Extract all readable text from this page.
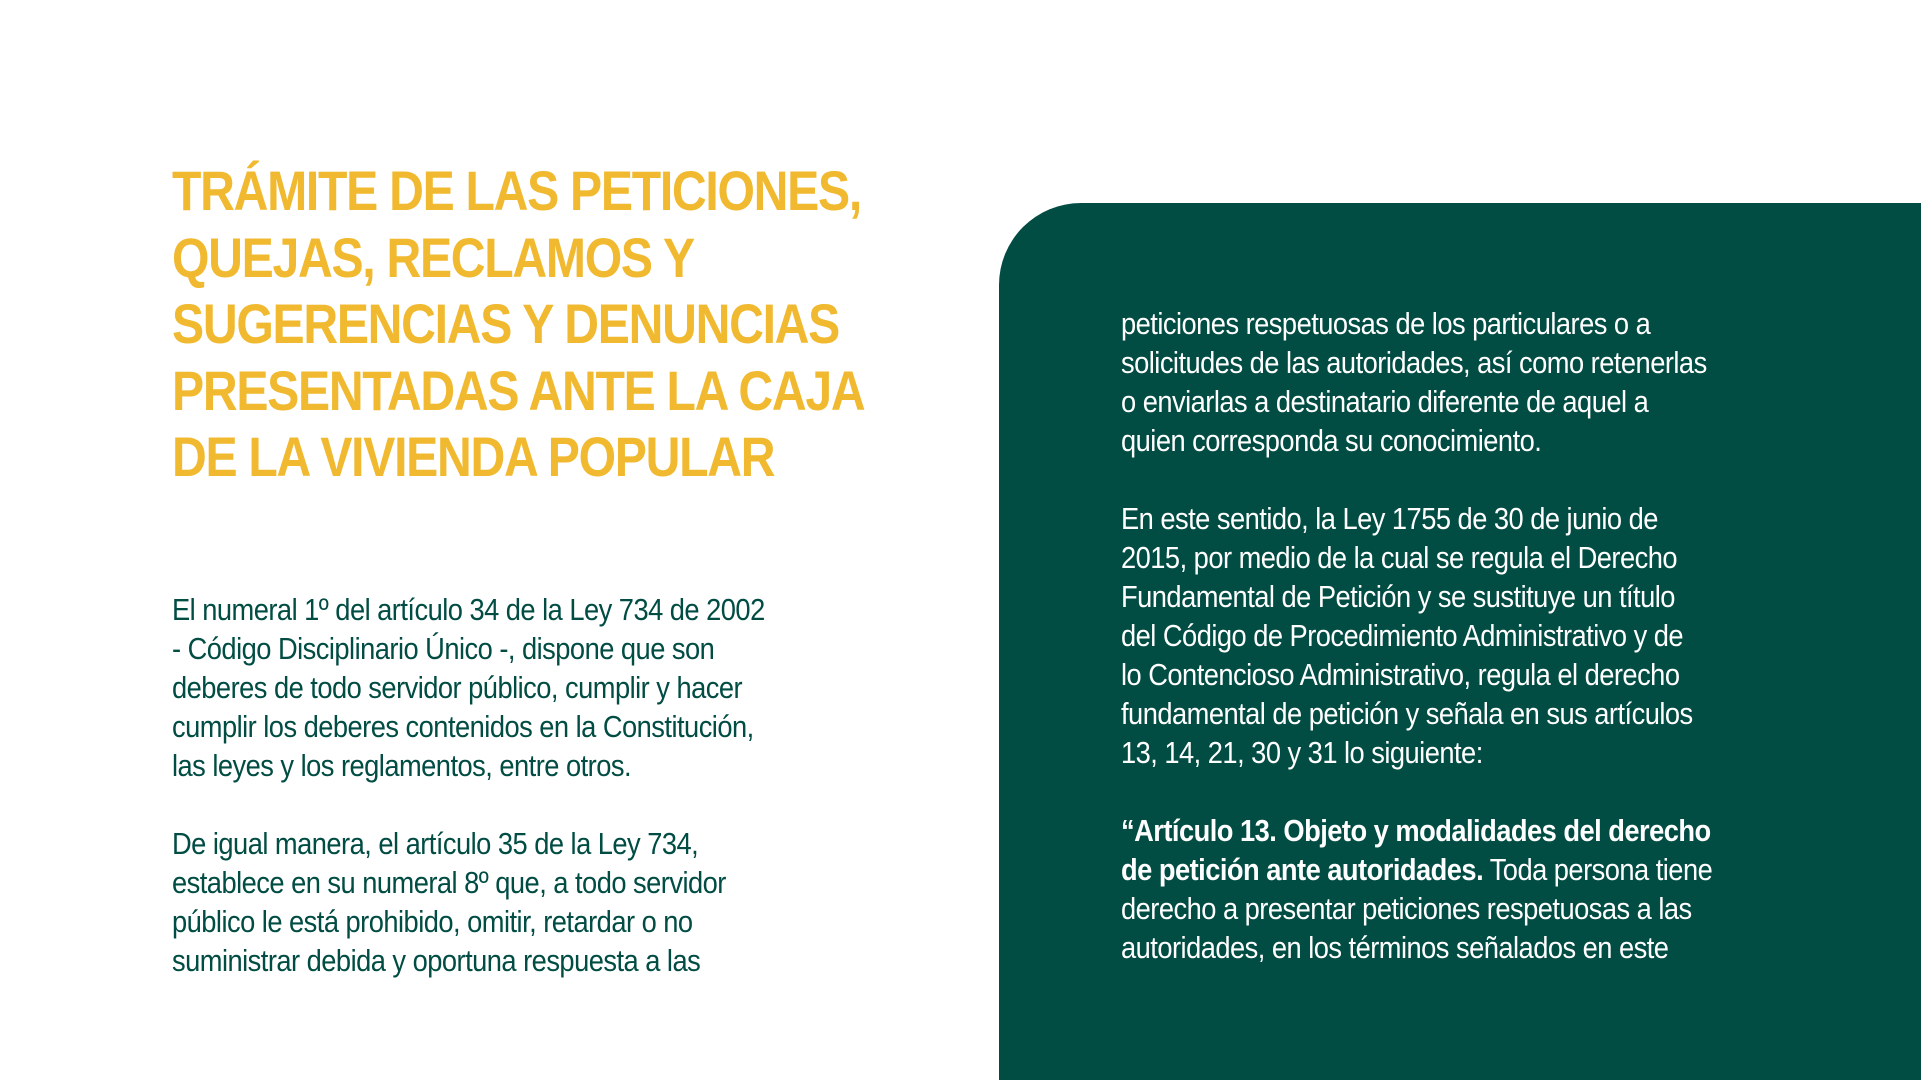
TRÁMITE DE LAS PETICIONES,
QUEJAS, RECLAMOS Y
SUGERENCIAS Y DENUNCIAS
PRESENTADAS ANTE LA CAJA
DE LA VIVIENDA POPULAR
El numeral 1º del artículo 34 de la Ley 734 de 2002
- Código Disciplinario Único -, dispone que son
deberes de todo servidor público, cumplir y hacer
cumplir los deberes contenidos en la Constitución,
las leyes y los reglamentos, entre otros.
De igual manera, el artículo 35 de la Ley 734,
establece en su numeral 8º que, a todo servidor
público le está prohibido, omitir, retardar o no
suministrar debida y oportuna respuesta a las
peticiones respetuosas de los particulares o a
solicitudes de las autoridades, así como retenerlas
o enviarlas a destinatario diferente de aquel a
quien corresponda su conocimiento.
En este sentido, la Ley 1755 de 30 de junio de
2015, por medio de la cual se regula el Derecho
Fundamental de Petición y se sustituye un título
del Código de Procedimiento Administrativo y de
lo Contencioso Administrativo, regula el derecho
fundamental de petición y señala en sus artículos
13, 14, 21, 30 y 31 lo siguiente:
“Artículo 13. Objeto y modalidades del derecho
de petición ante autoridades. Toda persona tiene
derecho a presentar peticiones respetuosas a las
autoridades, en los términos señalados en este
